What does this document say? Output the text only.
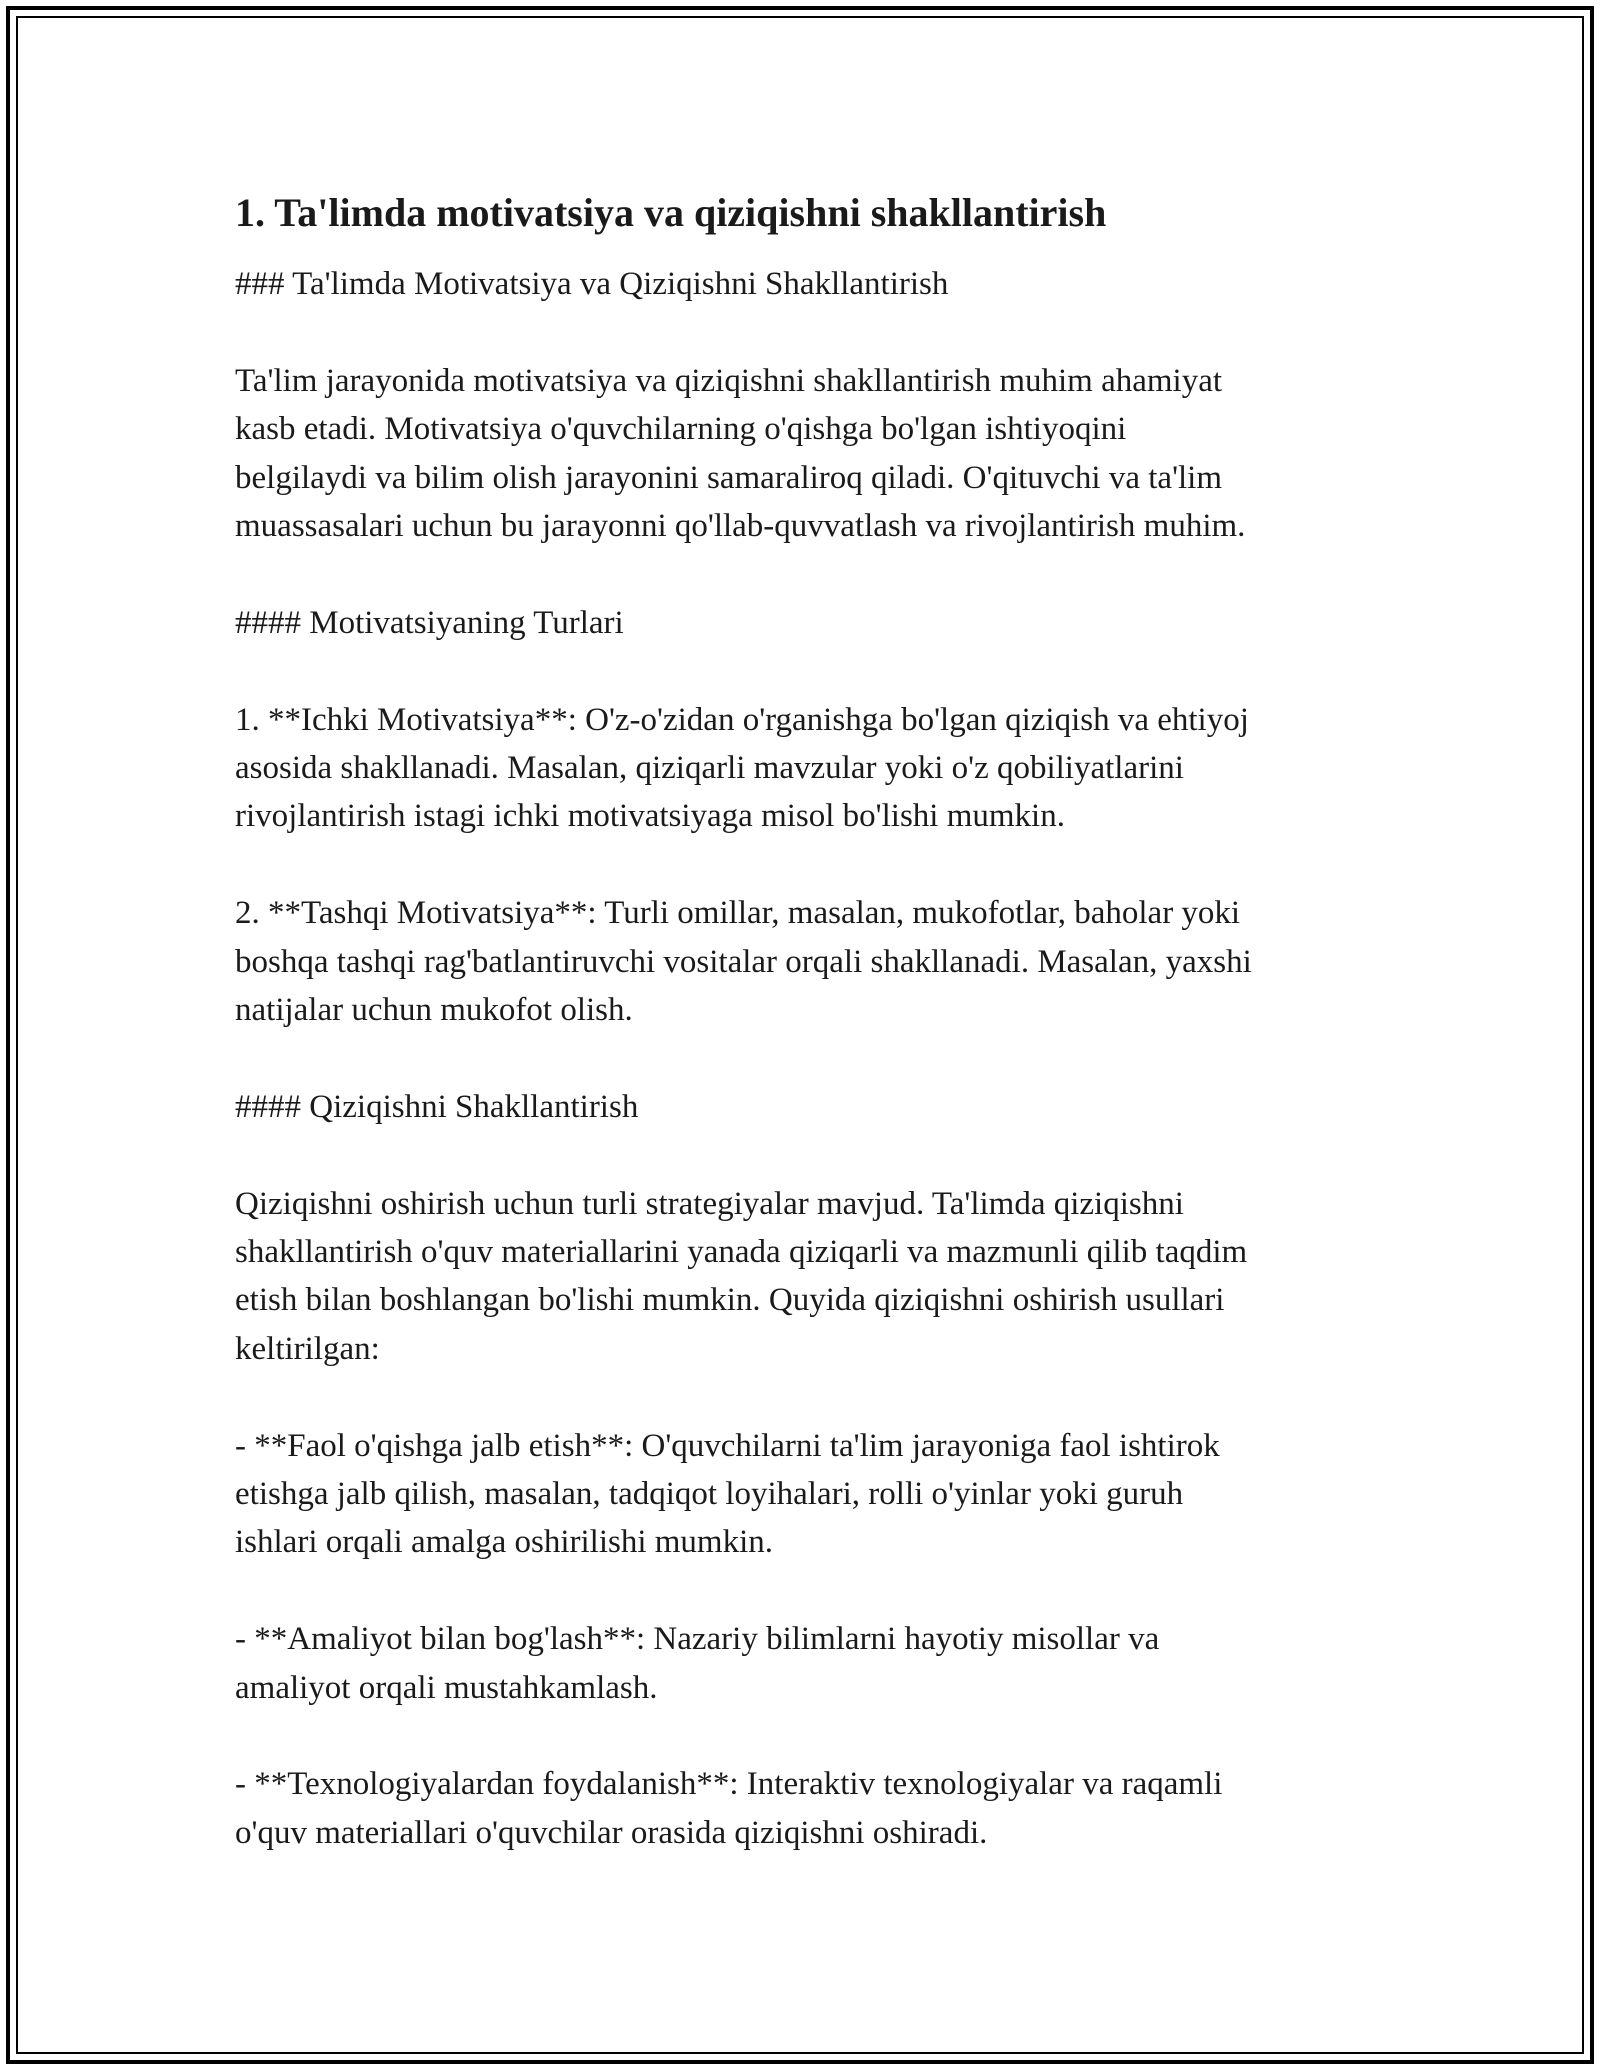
1. Ta'limda motivatsiya va qiziqishni shakllantirish

### Ta'limda Motivatsiya va Qiziqishni Shakllantirish

Ta'lim jarayonida motivatsiya va qiziqishni shakllantirish muhim ahamiyat
kasb etadi. Motivatsiya o'quvchilarning o'qishga bo'lgan ishtiyoqini
belgilaydi va bilim olish jarayonini samaraliroq qiladi. O'qituvchi va ta'lim
muassasalari uchun bu jarayonni qo'llab-quvvatlash va rivojlantirish muhim.

#### Motivatsiyaning Turlari

1. **Ichki Motivatsiya**: O'z-o'zidan o'rganishga bo'lgan qiziqish va ehtiyoj
asosida shakllanadi. Masalan, qiziqarli mavzular yoki o'z qobiliyatlarini
rivojlantirish istagi ichki motivatsiyaga misol bo'lishi mumkin.

2. **Tashqi Motivatsiya**: Turli omillar, masalan, mukofotlar, baholar yoki
boshqa tashqi rag'batlantiruvchi vositalar orqali shakllanadi. Masalan, yaxshi
natijalar uchun mukofot olish.

#### Qiziqishni Shakllantirish

Qiziqishni oshirish uchun turli strategiyalar mavjud. Ta'limda qiziqishni
shakllantirish o'quv materiallarini yanada qiziqarli va mazmunli qilib taqdim
etish bilan boshlangan bo'lishi mumkin. Quyida qiziqishni oshirish usullari
keltirilgan:

- **Faol o'qishga jalb etish**: O'quvchilarni ta'lim jarayoniga faol ishtirok
etishga jalb qilish, masalan, tadqiqot loyihalari, rolli o'yinlar yoki guruh
ishlari orqali amalga oshirilishi mumkin.

- **Amaliyot bilan bog'lash**: Nazariy bilimlarni hayotiy misollar va
amaliyot orqali mustahkamlash.

- **Texnologiyalardan foydalanish**: Interaktiv texnologiyalar va raqamli
o'quv materiallari o'quvchilar orasida qiziqishni oshiradi.
